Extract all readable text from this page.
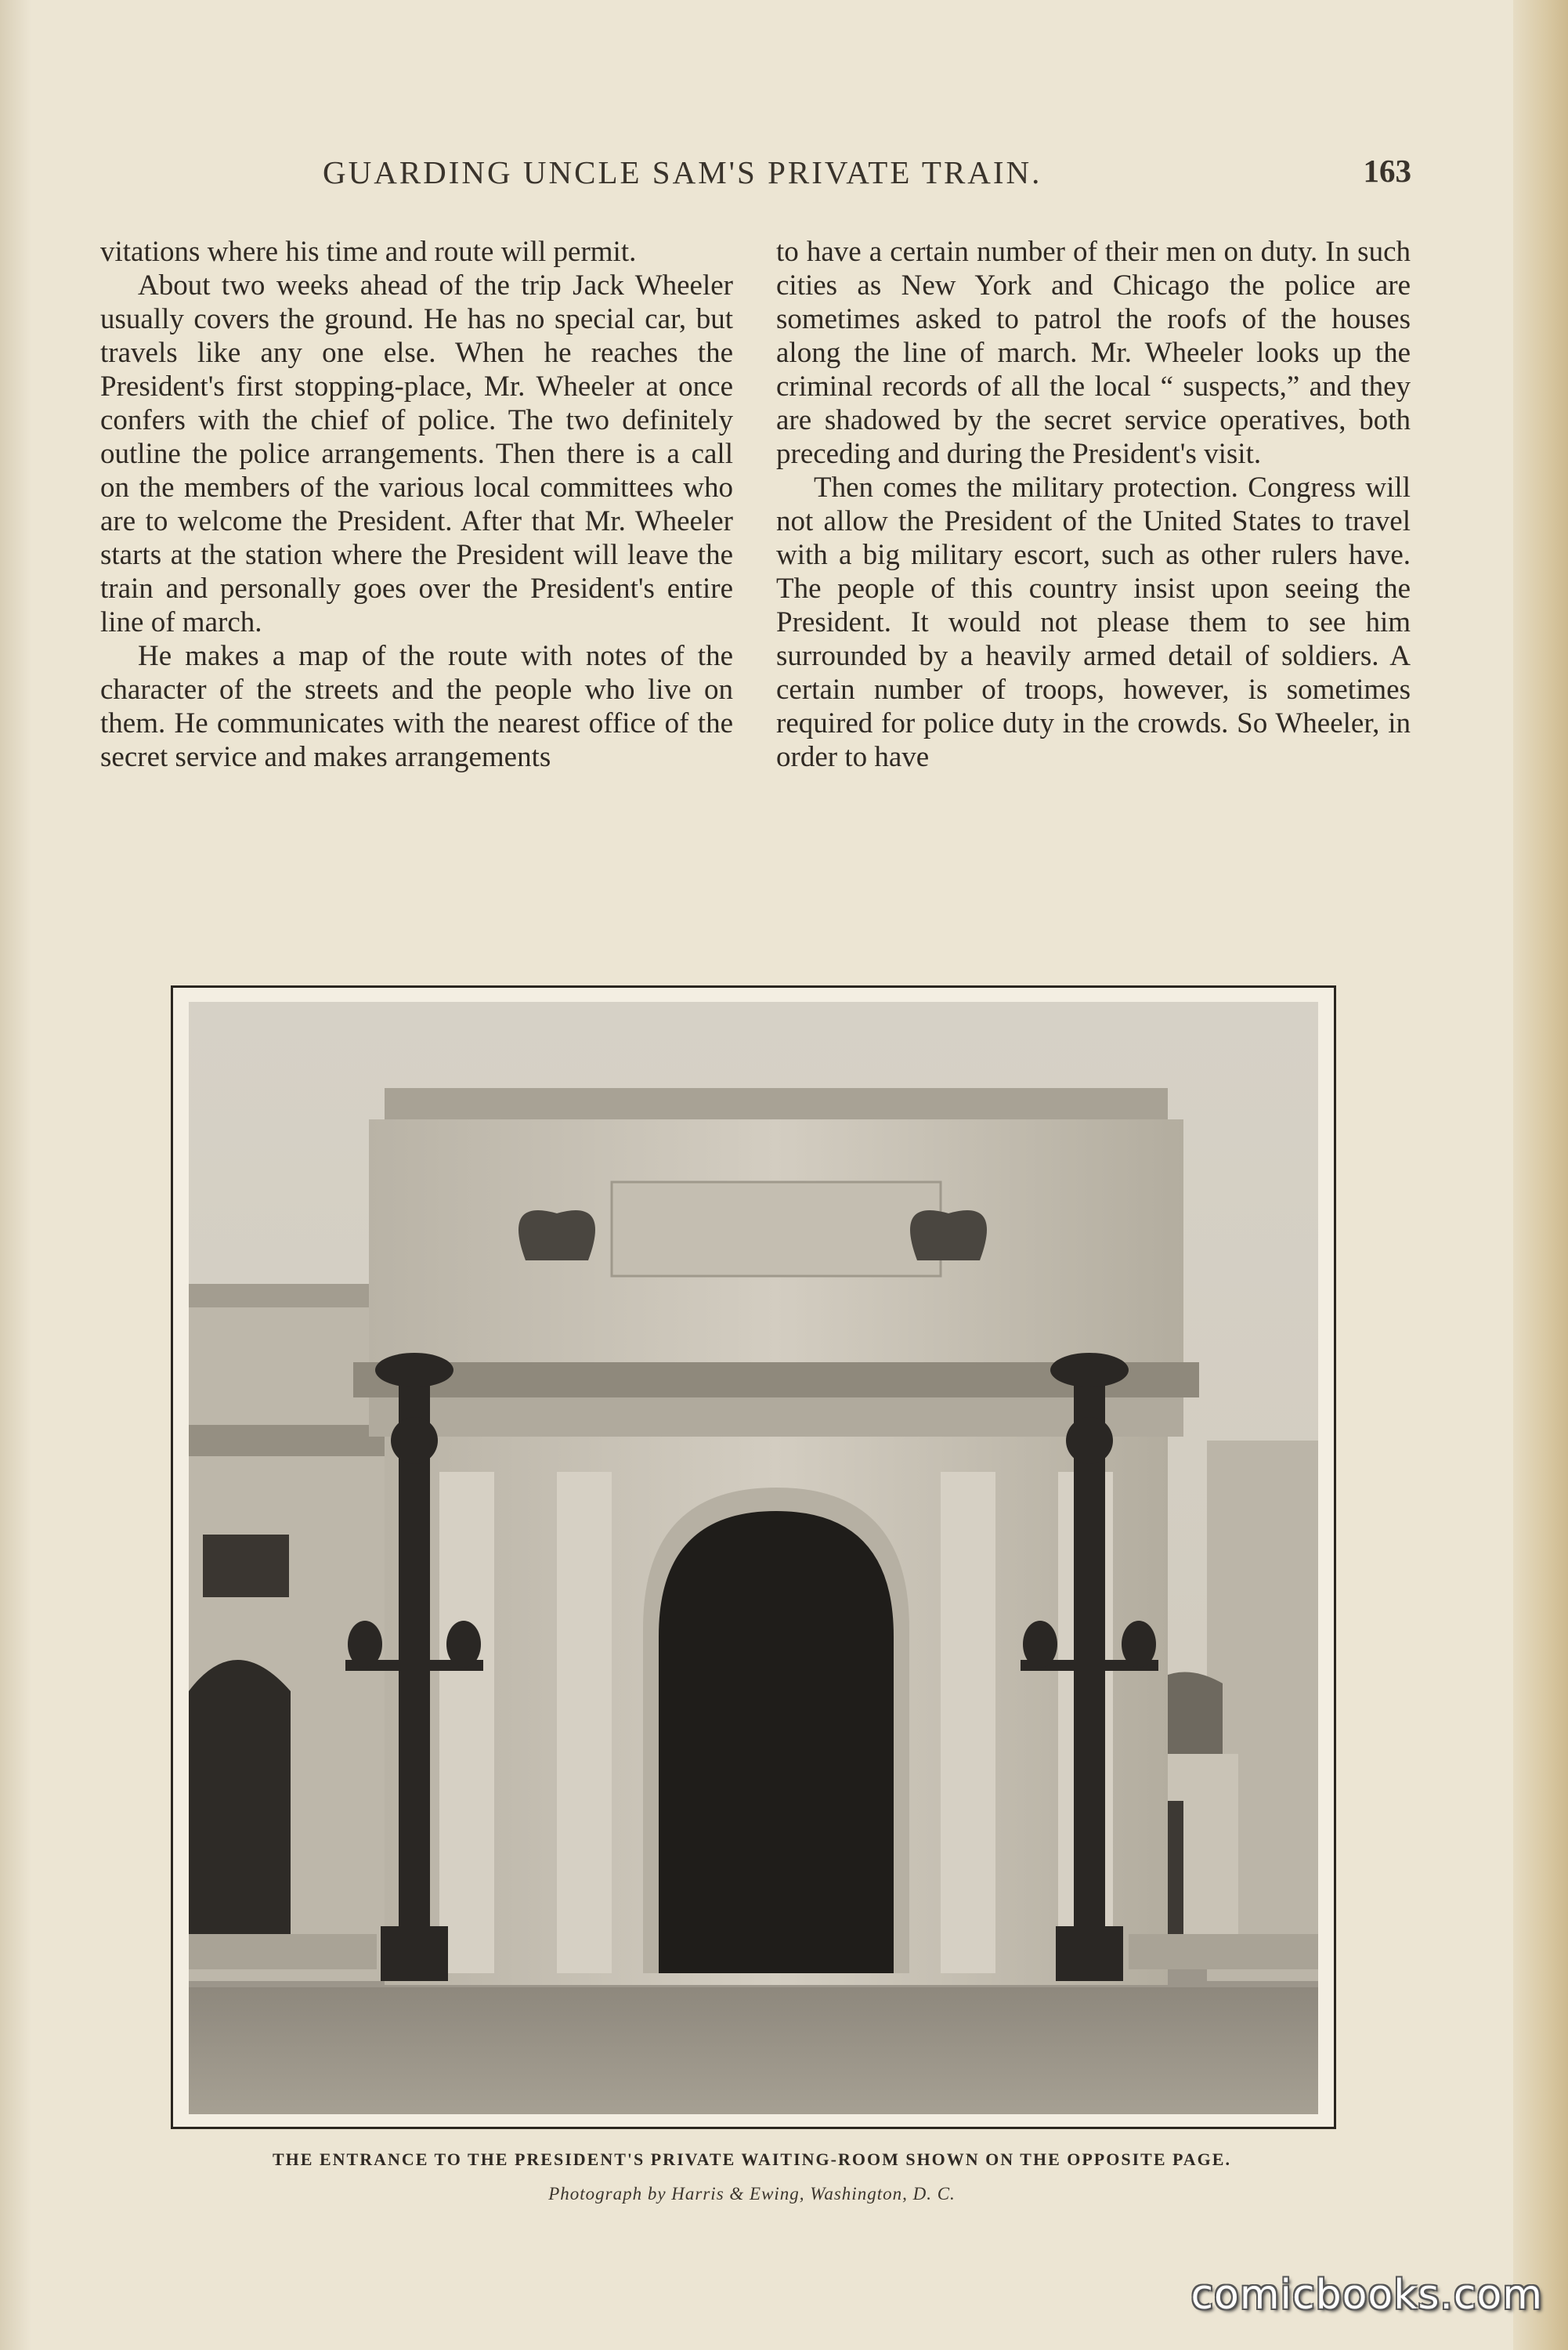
GUARDING UNCLE SAM'S PRIVATE TRAIN.	163

vitations where his time and route will permit.

About two weeks ahead of the trip Jack Wheeler usually covers the ground. He has no special car, but travels like any one else. When he reaches the President's first stopping-place, Mr. Wheeler at once confers with the chief of police. The two definitely outline the police arrangements. Then there is a call on the members of the various local committees who are to welcome the President. After that Mr. Wheeler starts at the station where the President will leave the train and personally goes over the President's entire line of march.

He makes a map of the route with notes of the character of the streets and the people who live on them. He communicates with the nearest office of the secret service and makes arrangements

to have a certain number of their men on duty. In such cities as New York and Chicago the police are sometimes asked to patrol the roofs of the houses along the line of march. Mr. Wheeler looks up the criminal records of all the local “ suspects,” and they are shadowed by the secret service operatives, both preceding and during the President's visit.

Then comes the military protection. Congress will not allow the President of the United States to travel with a big military escort, such as other rulers have. The people of this country insist upon seeing the President. It would not please them to see him surrounded by a heavily armed detail of soldiers. A certain number of troops, however, is sometimes required for police duty in the crowds. So Wheeler, in order to have

THE ENTRANCE TO THE PRESIDENT'S PRIVATE WAITING-ROOM SHOWN ON THE OPPOSITE PAGE.
Photograph by Harris & Ewing, Washington, D. C.
comicbooks.com
